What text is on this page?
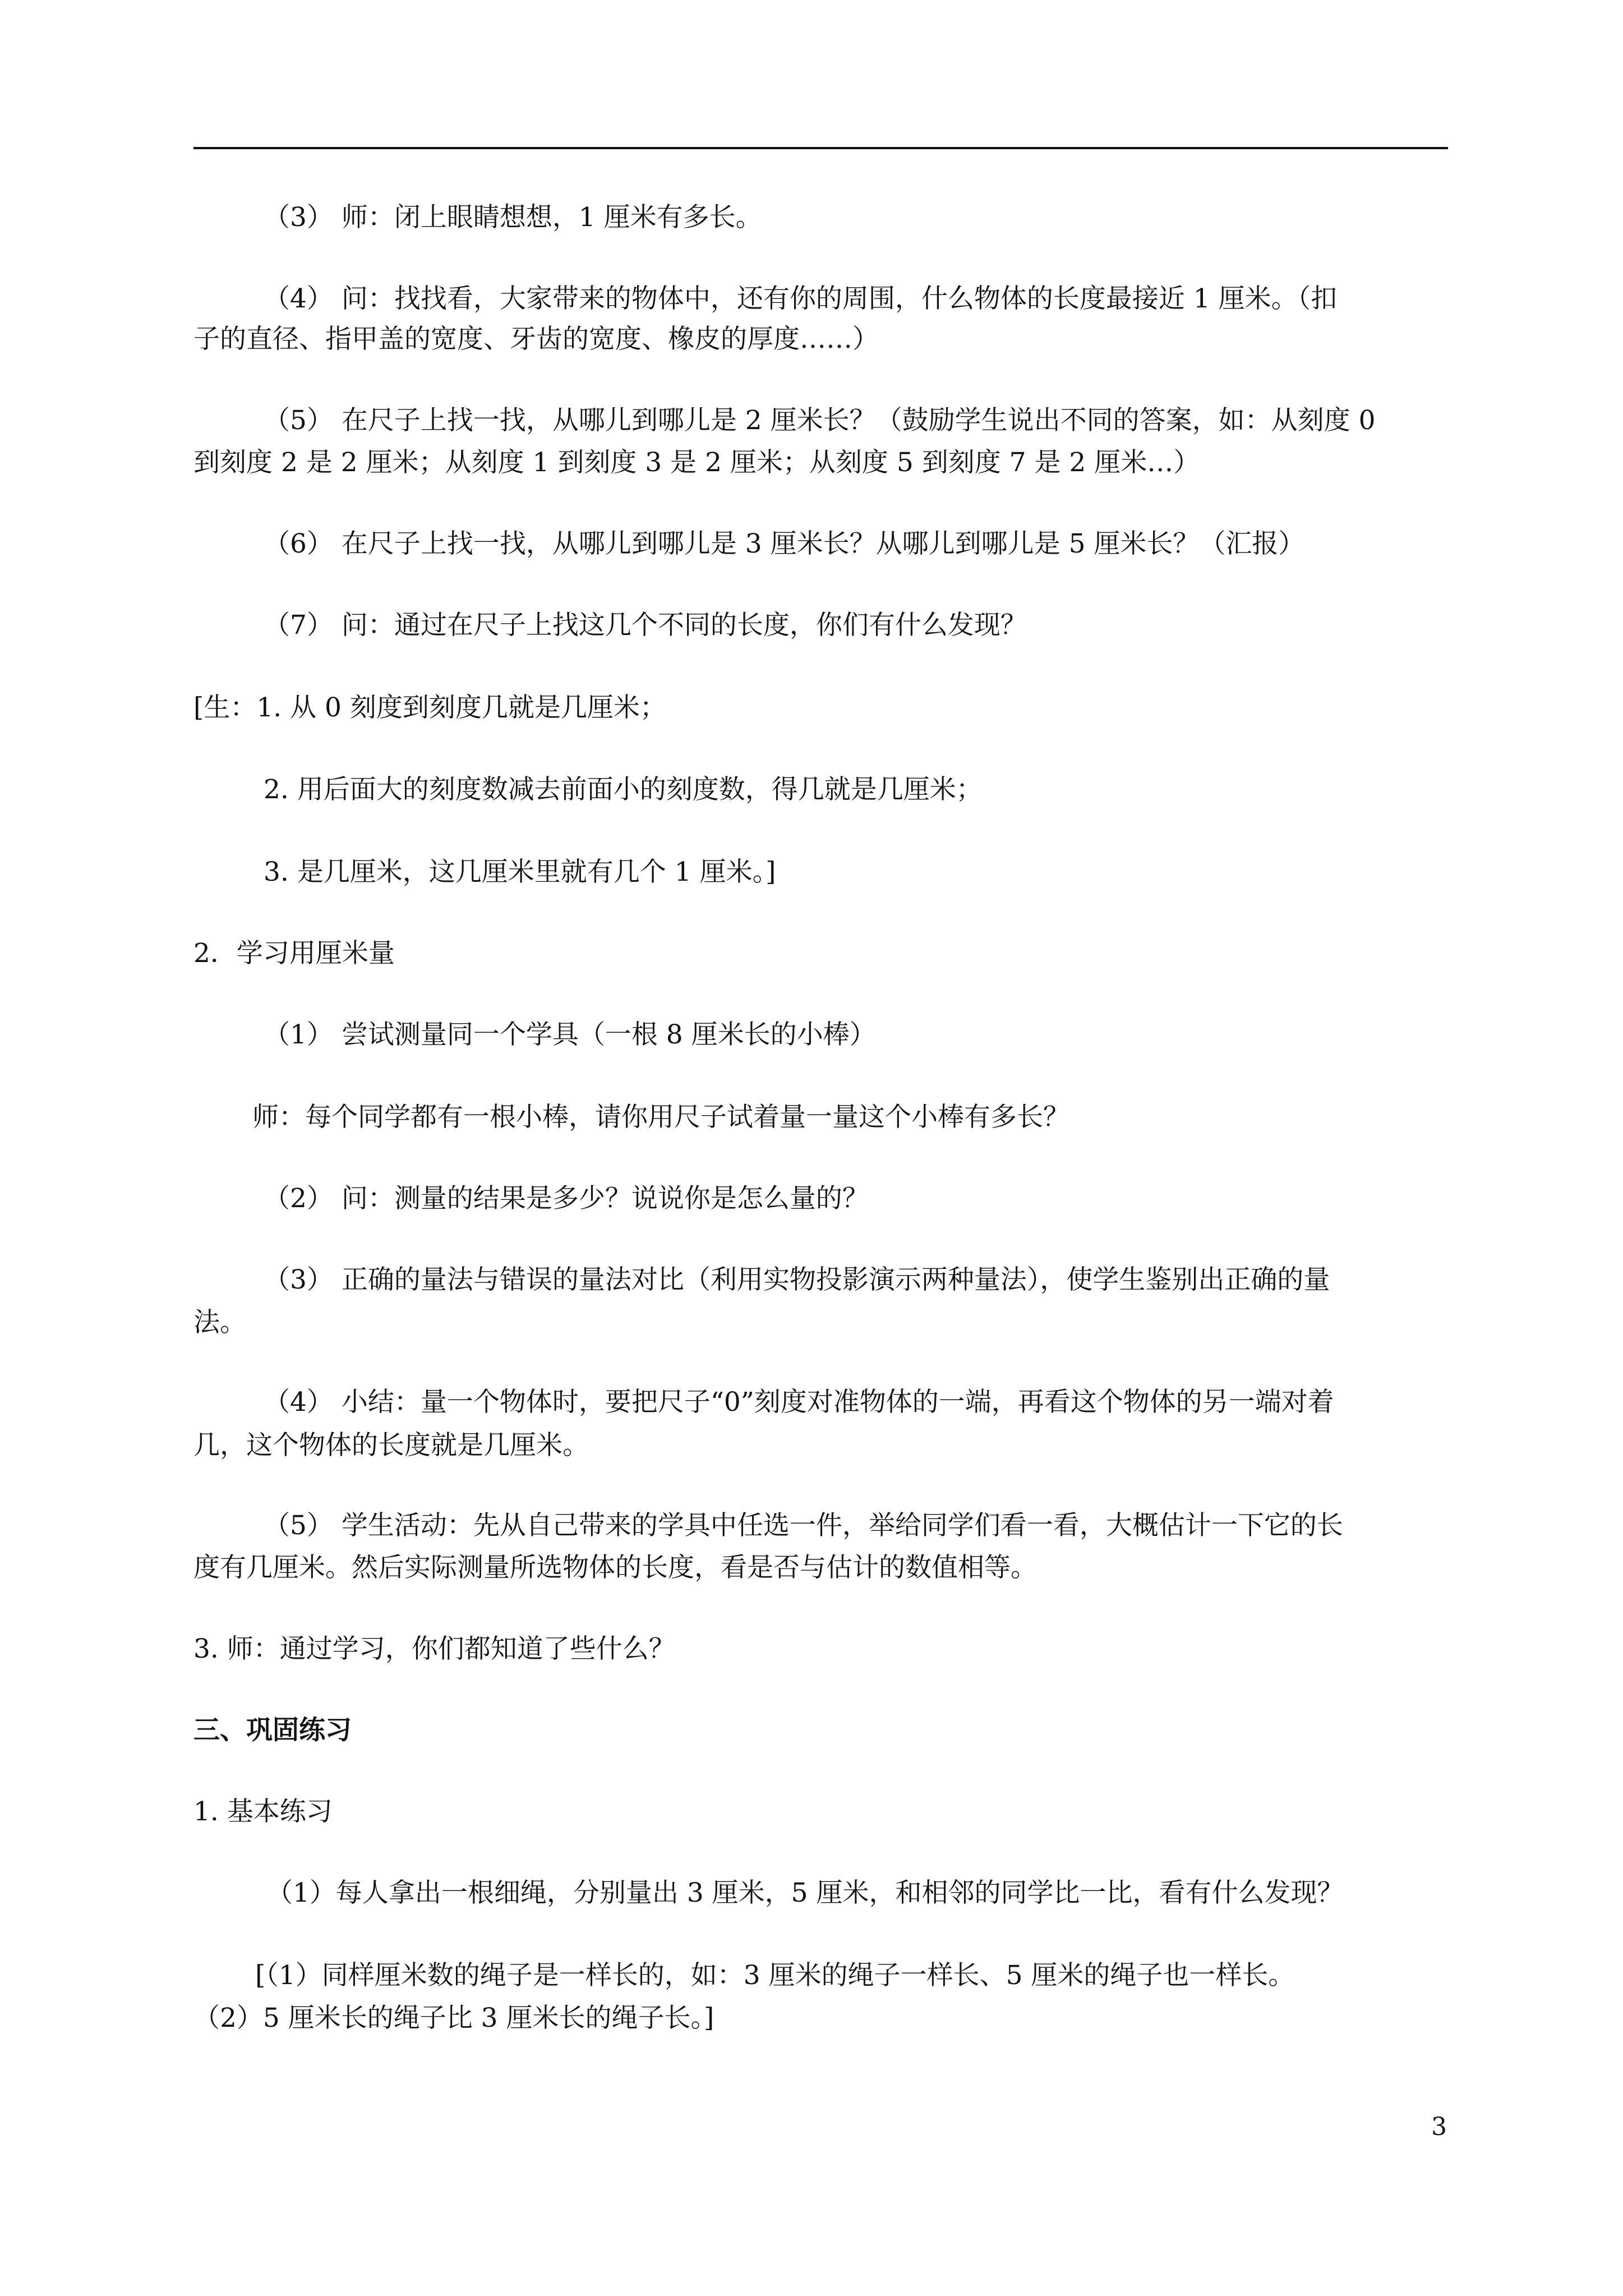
（3） 师：闭上眼睛想想，1 厘米有多长。

（4） 问：找找看，大家带来的物体中，还有你的周围，什么物体的长度最接近 1 厘米。（扣

子的直径、指甲盖的宽度、牙齿的宽度、橡皮的厚度……）

（5） 在尺子上找一找，从哪儿到哪儿是 2 厘米长？（鼓励学生说出不同的答案，如：从刻度 0

到刻度 2 是 2 厘米；从刻度 1 到刻度 3 是 2 厘米；从刻度 5 到刻度 7 是 2 厘米…）

（6） 在尺子上找一找，从哪儿到哪儿是 3 厘米长？从哪儿到哪儿是 5 厘米长？（汇报）

（7） 问：通过在尺子上找这几个不同的长度，你们有什么发现？

[生：1. 从 0 刻度到刻度几就是几厘米；

2. 用后面大的刻度数减去前面小的刻度数，得几就是几厘米；

3. 是几厘米，这几厘米里就有几个 1 厘米。]

2．学习用厘米量

（1） 尝试测量同一个学具（一根 8 厘米长的小棒）

师：每个同学都有一根小棒，请你用尺子试着量一量这个小棒有多长？

（2） 问：测量的结果是多少？说说你是怎么量的？

（3） 正确的量法与错误的量法对比（利用实物投影演示两种量法），使学生鉴别出正确的量

法。

（4） 小结：量一个物体时，要把尺子“0”刻度对准物体的一端，再看这个物体的另一端对着

几，这个物体的长度就是几厘米。

（5） 学生活动：先从自己带来的学具中任选一件，举给同学们看一看，大概估计一下它的长

度有几厘米。然后实际测量所选物体的长度，看是否与估计的数值相等。

3. 师：通过学习，你们都知道了些什么？

三、巩固练习

1. 基本练习

（1）每人拿出一根细绳，分别量出 3 厘米，5 厘米，和相邻的同学比一比，看有什么发现？

[（1）同样厘米数的绳子是一样长的，如：3 厘米的绳子一样长、5 厘米的绳子也一样长。

（2）5 厘米长的绳子比 3 厘米长的绳子长。]

3
